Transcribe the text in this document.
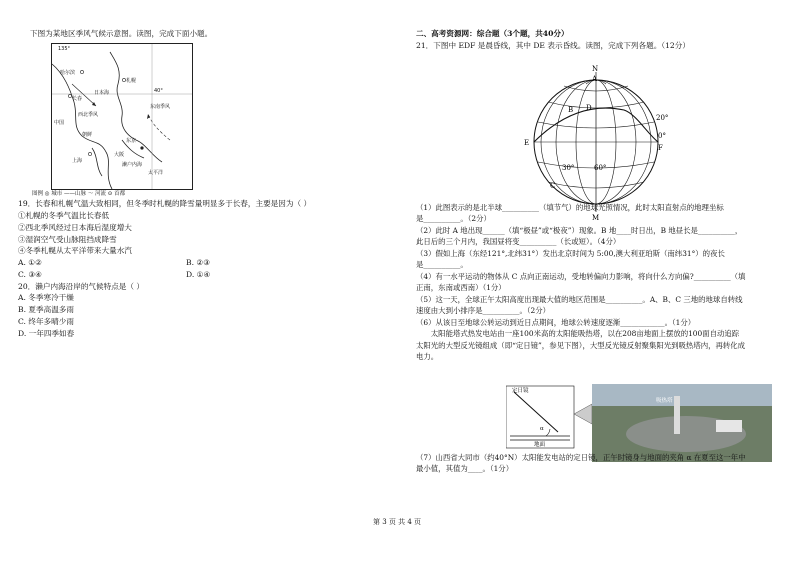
下图为某地区季风气候示意图。读图，完成下面小题。

135°
哈尔滨
长春
札幌
日本海
西北季风
东南季风
上海
东京
大阪
太平洋
濑户内海
中国
朝鲜
40°

图例 ◎ 城市 ——山脉 ～ 河流 ⊙ 首都

19．长春和札幌气温大致相同，但冬季时札幌的降雪量明显多于长春，主要是因为（ ）

①札幌的冬季气温比长春低

②西北季风经过日本海后湿度增大

③湿润空气受山脉阻挡成降雪

④冬季札幌从太平洋带来大量水汽

A. ①②	B. ②③
C. ③④	D. ①④

20．濑户内海沿岸的气候特点是（ ）

A. 冬季寒冷干燥

B. 夏季高温多雨

C. 终年多晴少雨

D. 一年四季如春

二、高考资源网：综合题（3个题，共40分）

21．下图中 EDF 是晨昏线，其中 DE 表示昏线。读图，完成下列各题。（12分）

N
A
B D
E
F
20°
0°
30°	60°
C
M

（1）此图表示的是北半球__________（填节气）的地球光照情况，此时太阳直射点的地理坐标

是__________。（2分）

（2）此时 A 地出现______（填“极昼”或“极夜”）现象。B 地____时日出，B 地昼长是__________，

此日后的三个月内，我国昼将变__________（长或短）。（4分）

（3）假如上海（东经121°,北纬31°）发出北京时间为 5:00,澳大利亚珀斯（南纬31°）的夜长

是__________。

（4）有一水平运动的物体从 C 点向正南运动，受地转偏向力影响，将向什么方向偏?__________（填

正南，东南或西南）（1分）

（5）这一天，全球正午太阳高度出现最大值的地区范围是__________。A、B、C 三地的地球自转线

速度由大到小排序是__________。（2分）

（6）从该日至地球公转运动到近日点期间，地球公转速度逐渐____________。（1分）

　　太阳能塔式热发电站由一座100米高的太阳能吸热塔，以在208亩地面上摆放的100面自动追踪

太阳光的大型反光镜组成（即“定日镜”，参见下图），大型反光镜反射聚集阳光到吸热塔内，再转化成

电力。

定日镜
地面
α
吸热塔

（7）山西省大同市（约40°N）太阳能发电站的定日镜，正午时镜身与地面的夹角 α 在夏至这一年中

最小值，其值为____。（1分）

第 3 页 共 4 页
